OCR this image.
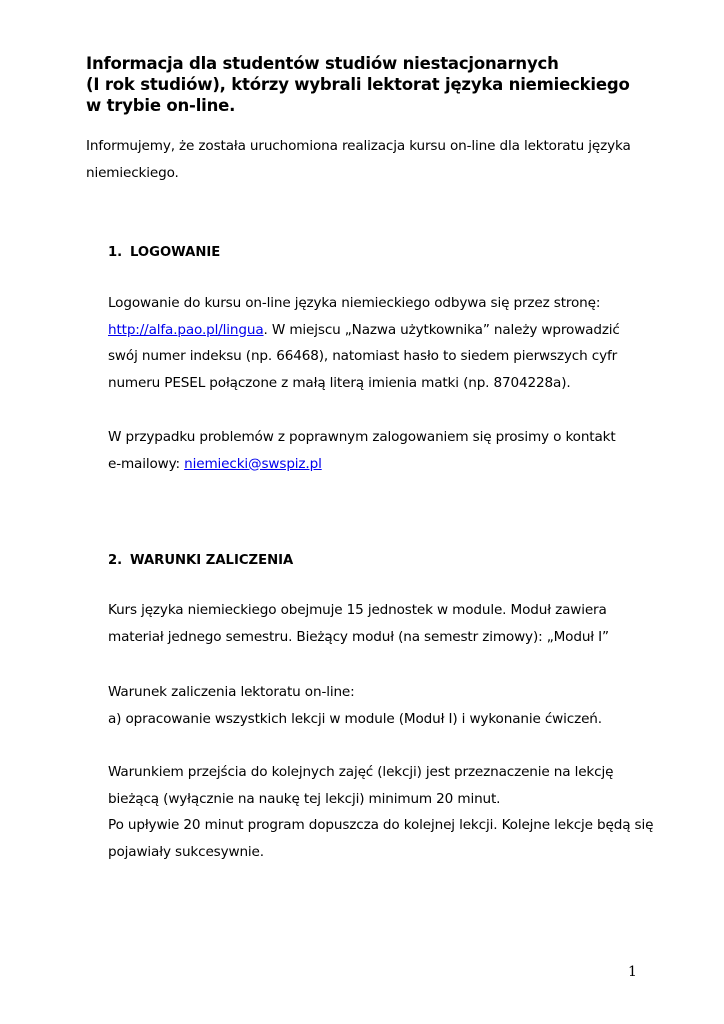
Informacja dla studentów studiów niestacjonarnych
(I rok studiów), którzy wybrali lektorat języka niemieckiego
w trybie on-line.
Informujemy, że została uruchomiona realizacja kursu on-line dla lektoratu języka
niemieckiego.
1. LOGOWANIE
Logowanie do kursu on-line języka niemieckiego odbywa się przez stronę:
http://alfa.pao.pl/lingua. W miejscu „Nazwa użytkownika” należy wprowadzić
swój numer indeksu (np. 66468), natomiast hasło to siedem pierwszych cyfr
numeru PESEL połączone z małą literą imienia matki (np. 8704228a).
W przypadku problemów z poprawnym zalogowaniem się prosimy o kontakt
e-mailowy: niemiecki@swspiz.pl
2. WARUNKI ZALICZENIA
Kurs języka niemieckiego obejmuje 15 jednostek w module. Moduł zawiera
materiał jednego semestru. Bieżący moduł (na semestr zimowy): „Moduł I”
Warunek zaliczenia lektoratu on-line:
a) opracowanie wszystkich lekcji w module (Moduł I) i wykonanie ćwiczeń.
Warunkiem przejścia do kolejnych zajęć (lekcji) jest przeznaczenie na lekcję
bieżącą (wyłącznie na naukę tej lekcji) minimum 20 minut.
Po upływie 20 minut program dopuszcza do kolejnej lekcji. Kolejne lekcje będą się
pojawiały sukcesywnie.
1
